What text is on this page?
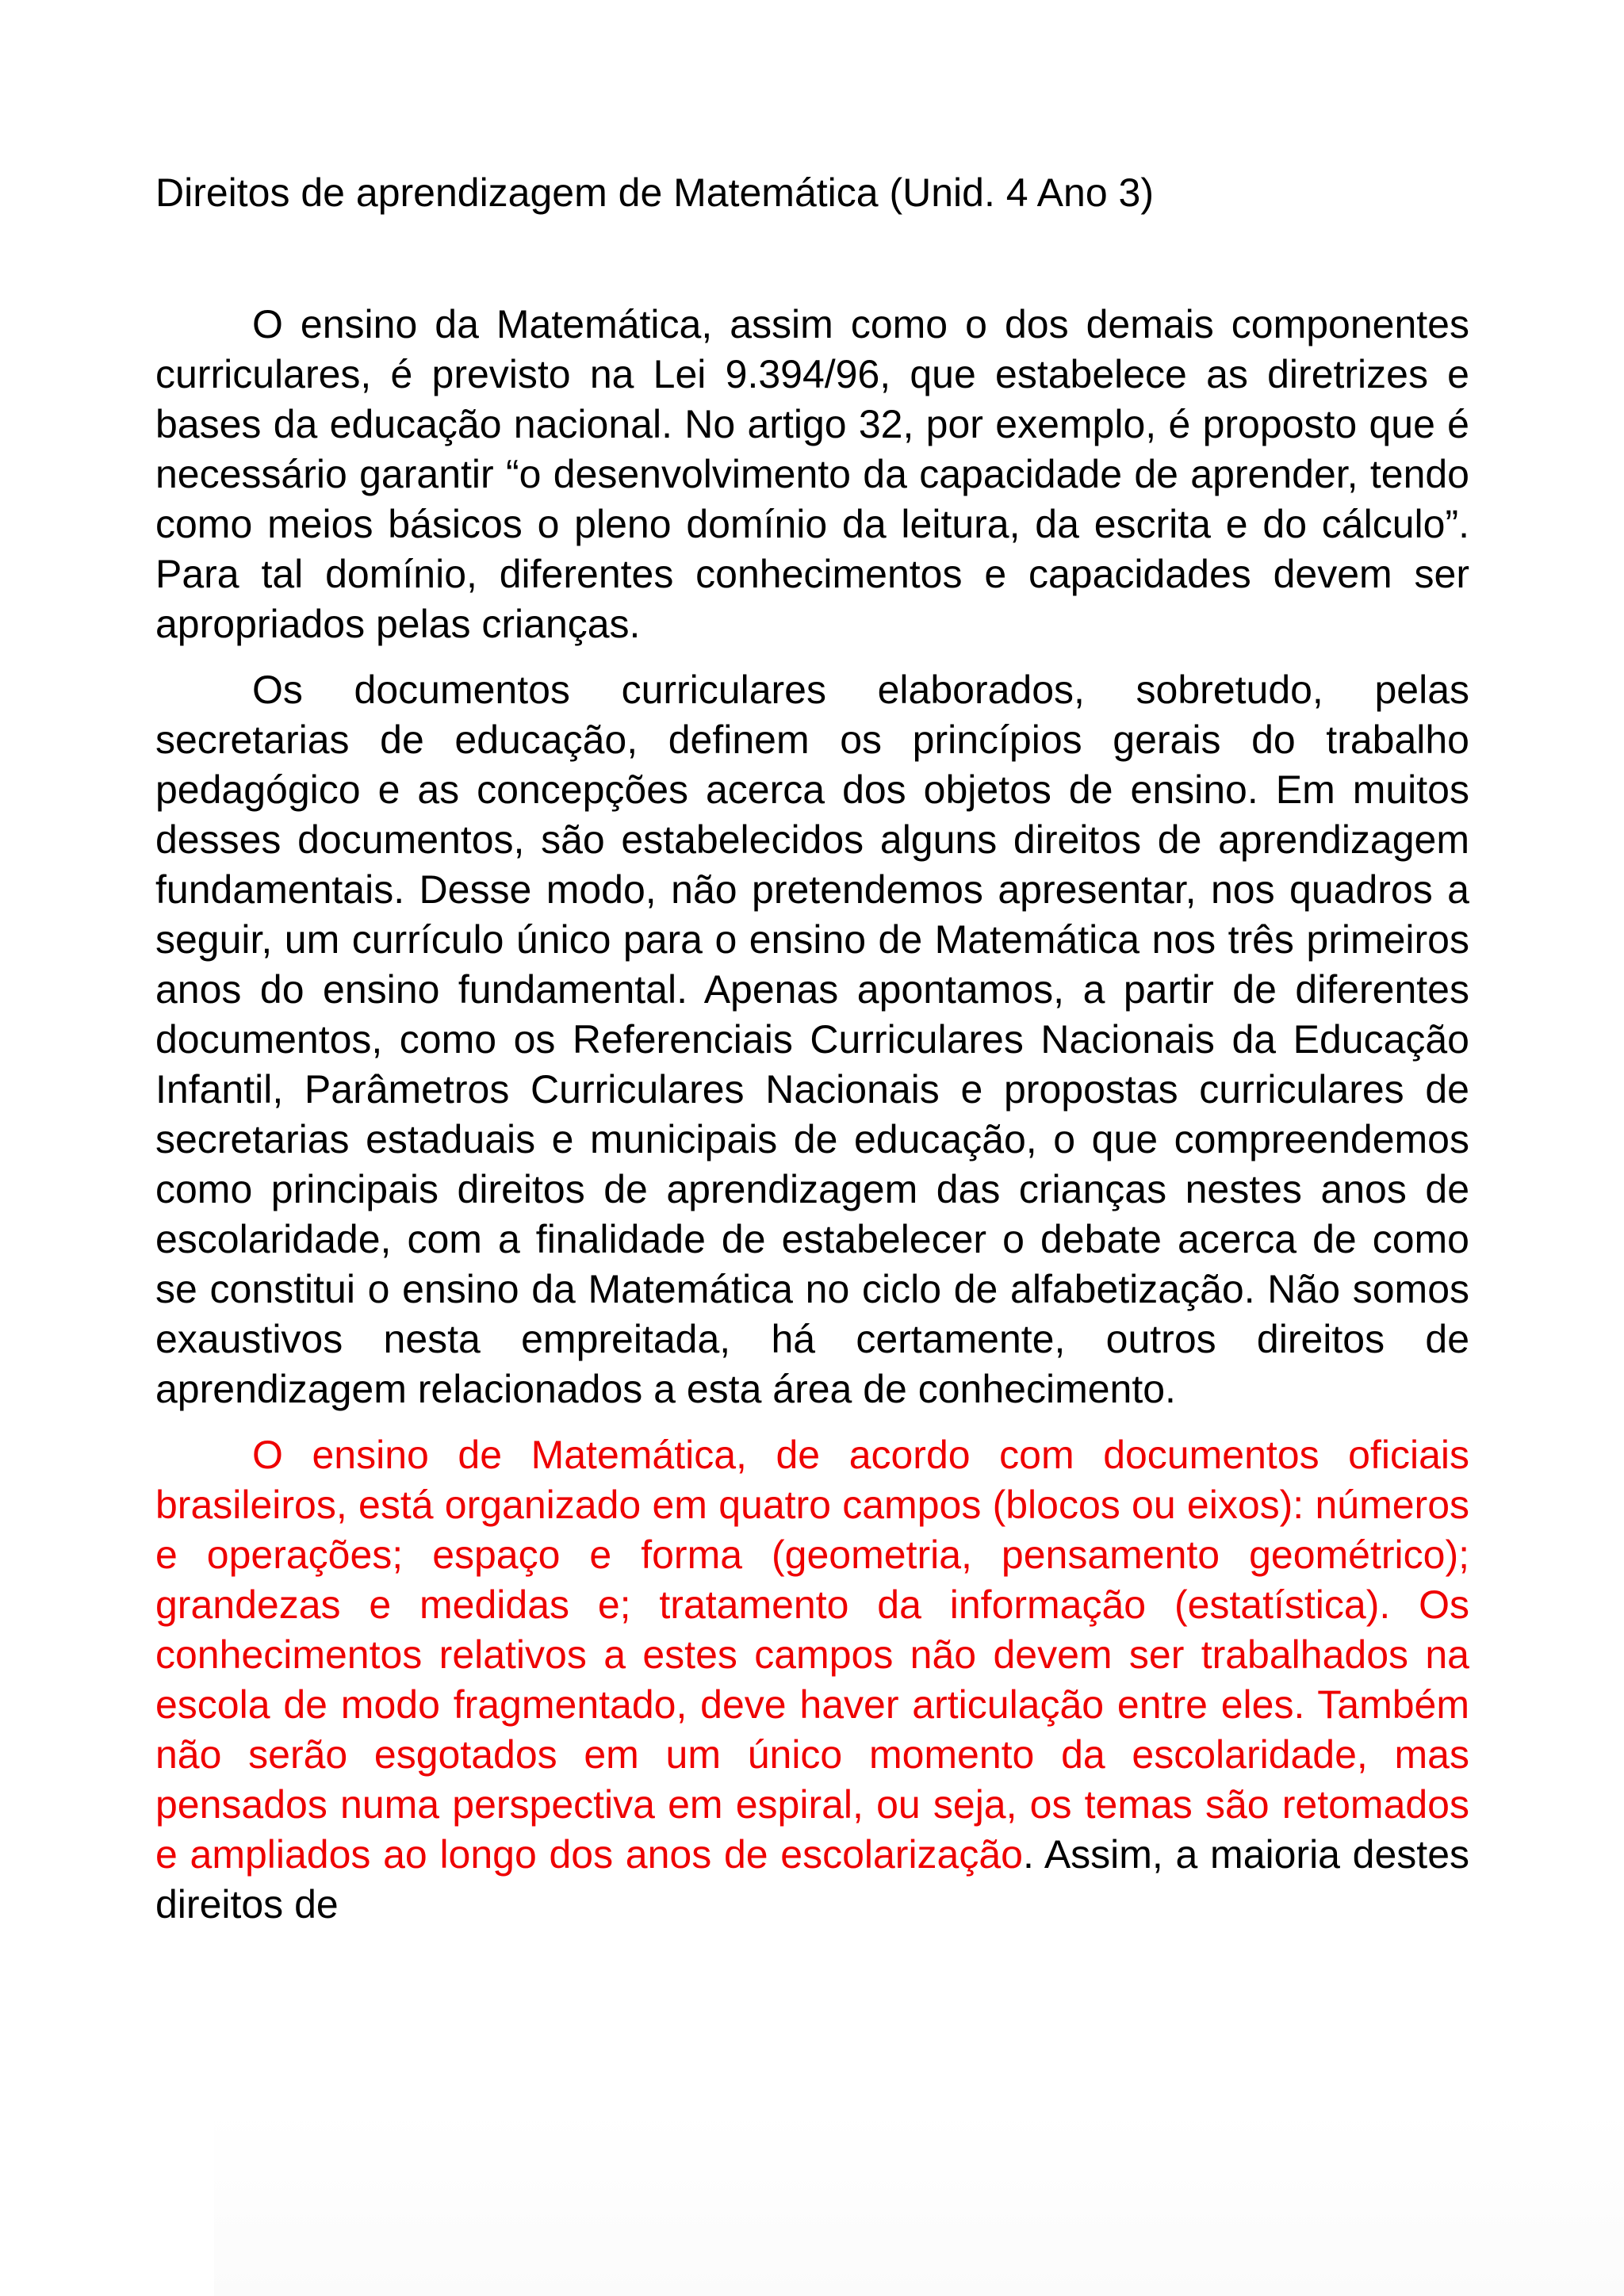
Direitos de aprendizagem de Matemática (Unid. 4 Ano 3)

O ensino da Matemática, assim como o dos demais componentes curriculares, é previsto na Lei 9.394/96, que estabelece as diretrizes e bases da educação nacional. No artigo 32, por exemplo, é proposto que é necessário garantir “o desenvolvimento da capacidade de aprender, tendo como meios básicos o pleno domínio da leitura, da escrita e do cálculo”. Para tal domínio, diferentes conhecimentos e capacidades devem ser apropriados pelas crianças.

Os documentos curriculares elaborados, sobretudo, pelas secretarias de educação, definem os princípios gerais do trabalho pedagógico e as concepções acerca dos objetos de ensino. Em muitos desses documentos, são estabelecidos alguns direitos de aprendizagem fundamentais. Desse modo, não pretendemos apresentar, nos quadros a seguir, um currículo único para o ensino de Matemática nos três primeiros anos do ensino fundamental. Apenas apontamos, a partir de diferentes documentos, como os Referenciais Curriculares Nacionais da Educação Infantil, Parâmetros Curriculares Nacionais e propostas curriculares de secretarias estaduais e municipais de educação, o que compreendemos como principais direitos de aprendizagem das crianças nestes anos de escolaridade, com a finalidade de estabelecer o debate acerca de como se constitui o ensino da Matemática no ciclo de alfabetização. Não somos exaustivos nesta empreitada, há certamente, outros direitos de aprendizagem relacionados a esta área de conhecimento.

O ensino de Matemática, de acordo com documentos oficiais brasileiros, está organizado em quatro campos (blocos ou eixos): números e operações; espaço e forma (geometria, pensamento geométrico); grandezas e medidas e; tratamento da informação (estatística). Os conhecimentos relativos a estes campos não devem ser trabalhados na escola de modo fragmentado, deve haver articulação entre eles. Também não serão esgotados em um único momento da escolaridade, mas pensados numa perspectiva em espiral, ou seja, os temas são retomados e ampliados ao longo dos anos de escolarização. Assim, a maioria destes direitos de
